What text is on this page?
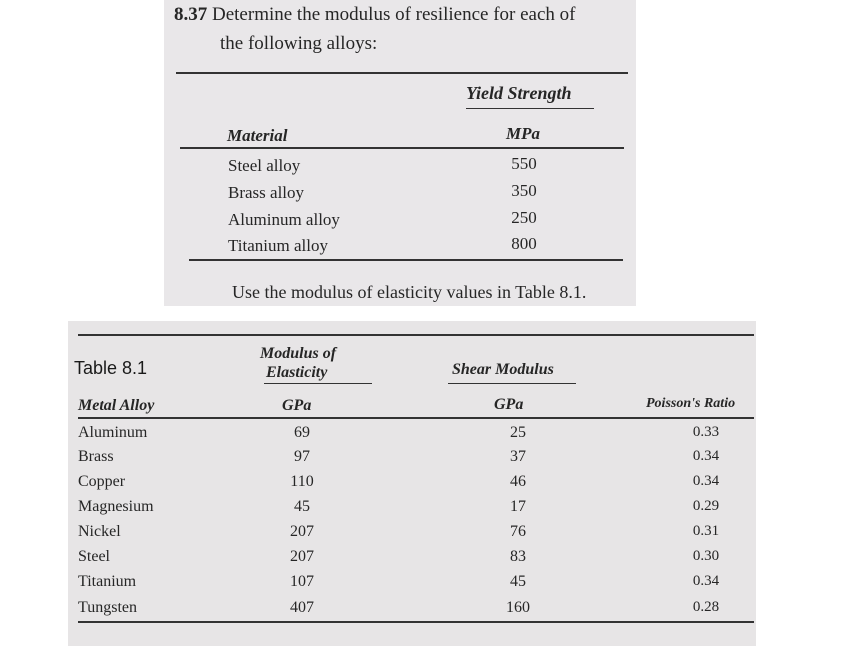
8.37 Determine the modulus of resilience for each of
the following alloys:
Yield Strength
Material	MPa
Steel alloy	550
Brass alloy	350
Aluminum alloy	250
Titanium alloy	800
Use the modulus of elasticity values in Table 8.1.
Table 8.1
Modulus of
Elasticity	Shear Modulus
Metal Alloy	GPa	GPa	Poisson's Ratio
Aluminum	69	25	0.33
Brass	97	37	0.34
Copper	110	46	0.34
Magnesium	45	17	0.29
Nickel	207	76	0.31
Steel	207	83	0.30
Titanium	107	45	0.34
Tungsten	407	160	0.28
